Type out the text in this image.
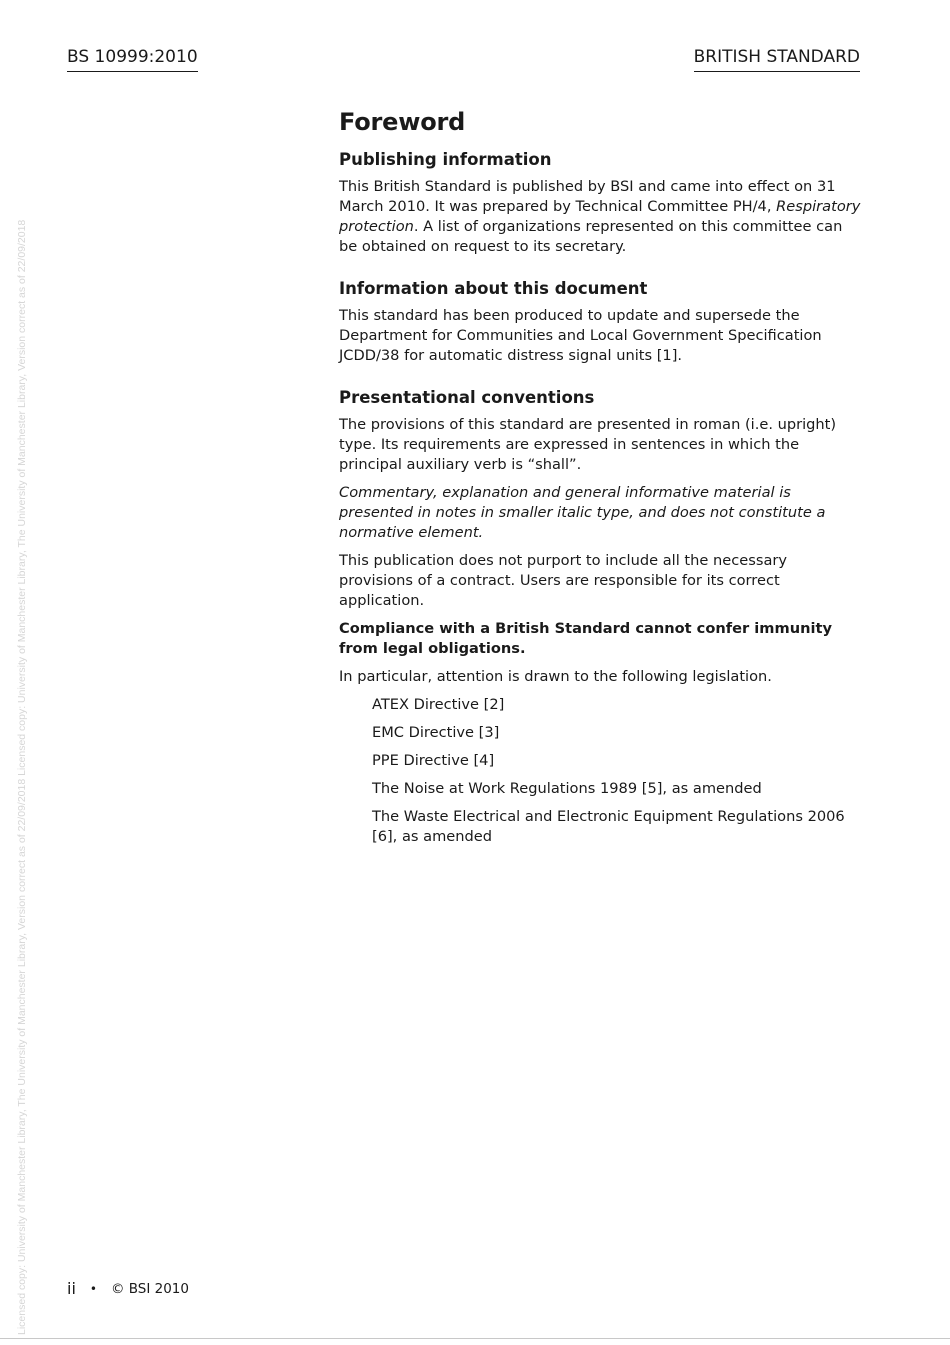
Licensed copy: University of Manchester Library, The University of Manchester Library, Version correct as of 22/09/2018 Licensed copy: University of Manchester Library, The University of Manchester Library, Version correct as of 22/09/2018
BS 10999:2010	BRITISH STANDARD
Foreword
Publishing information
This British Standard is published by BSI and came into effect on 31 March 2010. It was prepared by Technical Committee PH/4, Respiratory protection. A list of organizations represented on this committee can be obtained on request to its secretary.
Information about this document
This standard has been produced to update and supersede the Department for Communities and Local Government Specification JCDD/38 for automatic distress signal units [1].
Presentational conventions
The provisions of this standard are presented in roman (i.e. upright) type. Its requirements are expressed in sentences in which the principal auxiliary verb is “shall”.
Commentary, explanation and general informative material is presented in notes in smaller italic type, and does not constitute a normative element.
This publication does not purport to include all the necessary provisions of a contract. Users are responsible for its correct application.
Compliance with a British Standard cannot confer immunity from legal obligations.
In particular, attention is drawn to the following legislation.
ATEX Directive [2]
EMC Directive [3]
PPE Directive [4]
The Noise at Work Regulations 1989 [5], as amended
The Waste Electrical and Electronic Equipment Regulations 2006 [6], as amended
ii • © BSI 2010
